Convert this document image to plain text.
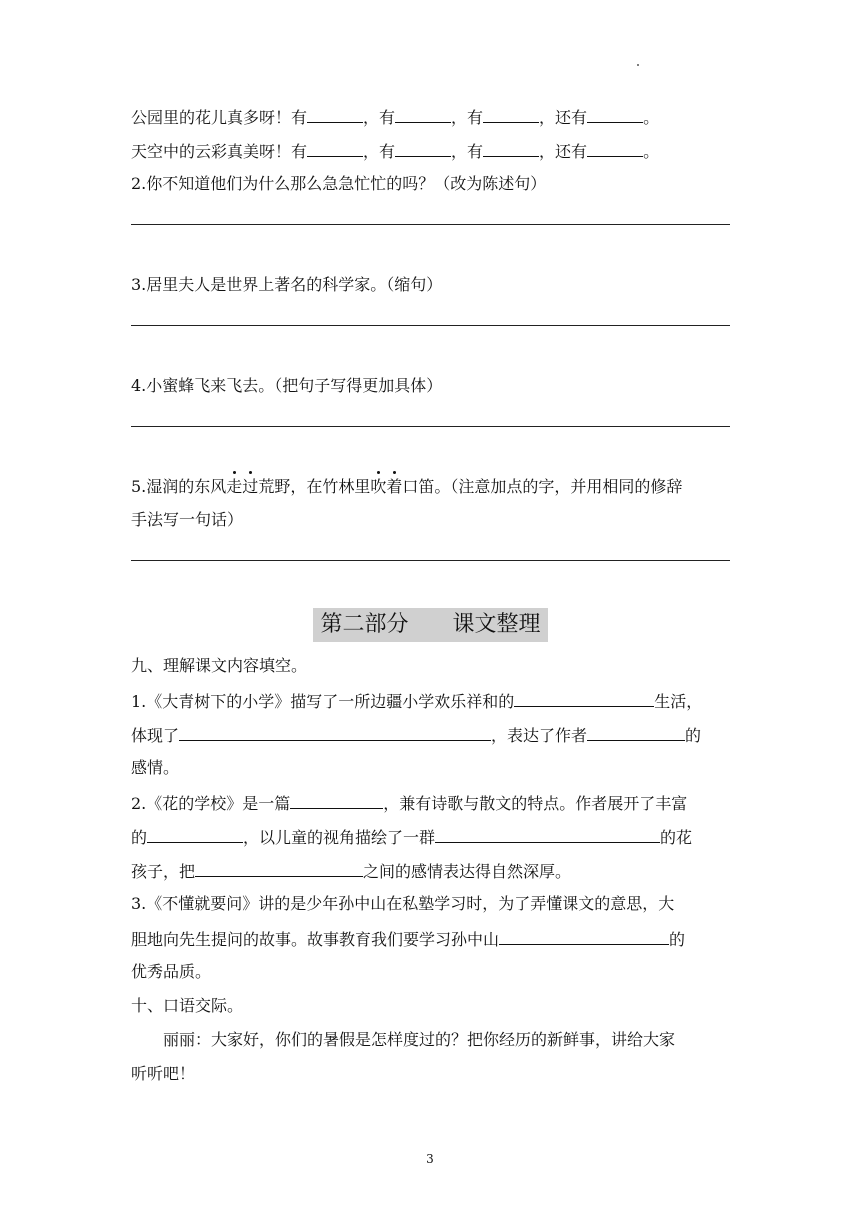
公园里的花儿真多呀！有	，有	，有	，还有	。
天空中的云彩真美呀！有	，有	，有	，还有	。
2.你不知道他们为什么那么急急忙忙的吗？（改为陈述句）
3.居里夫人是世界上著名的科学家。（缩句）
4.小蜜蜂飞来飞去。（把句子写得更加具体）
5.湿润的东风走过荒野，在竹林里吹着口笛。（注意加点的字，并用相同的修辞
手法写一句话）
第二部分 课文整理
九、理解课文内容填空。
1.《大青树下的小学》描写了一所边疆小学欢乐祥和的	生活，
体现了	，表达了作者	的
感情。
2.《花的学校》是一篇	，兼有诗歌与散文的特点。作者展开了丰富
的	，以儿童的视角描绘了一群	的花
孩子，把	之间的感情表达得自然深厚。
3.《不懂就要问》讲的是少年孙中山在私塾学习时，为了弄懂课文的意思，大
胆地向先生提问的故事。故事教育我们要学习孙中山	的
优秀品质。
十、口语交际。
丽丽：大家好，你们的暑假是怎样度过的？把你经历的新鲜事，讲给大家
听听吧！
3
